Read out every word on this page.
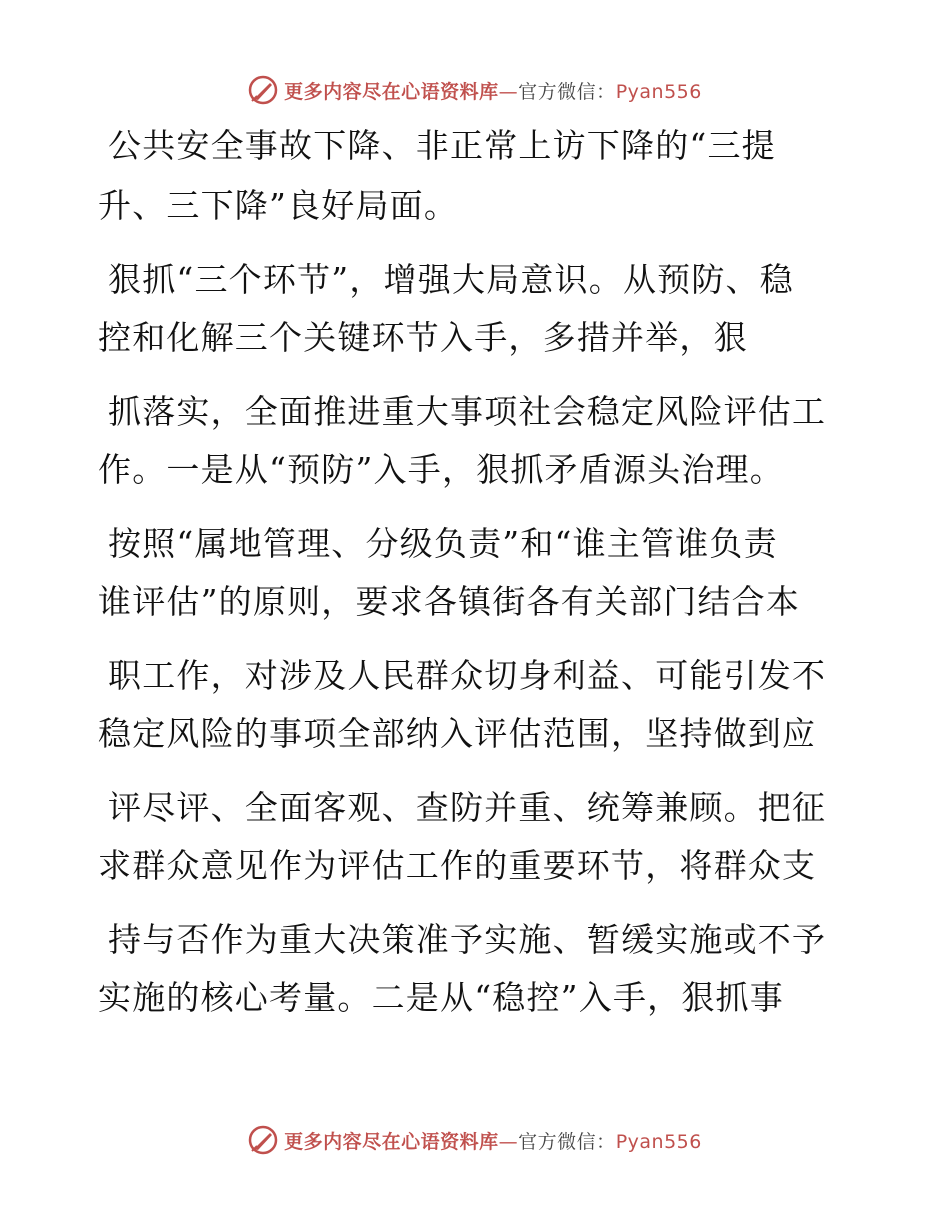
更多内容尽在心语资料库—官方微信：Pyan556
公共安全事故下降、非正常上访下降的“三提
升、三下降”良好局面。
狠抓“三个环节”，增强大局意识。从预防、稳
控和化解三个关键环节入手，多措并举，狠
抓落实，全面推进重大事项社会稳定风险评估工
作。一是从“预防”入手，狠抓矛盾源头治理。
按照“属地管理、分级负责”和“谁主管谁负责
谁评估”的原则，要求各镇街各有关部门结合本
职工作，对涉及人民群众切身利益、可能引发不
稳定风险的事项全部纳入评估范围，坚持做到应
评尽评、全面客观、查防并重、统筹兼顾。把征
求群众意见作为评估工作的重要环节，将群众支
持与否作为重大决策准予实施、暂缓实施或不予
实施的核心考量。二是从“稳控”入手，狠抓事
更多内容尽在心语资料库—官方微信：Pyan556
